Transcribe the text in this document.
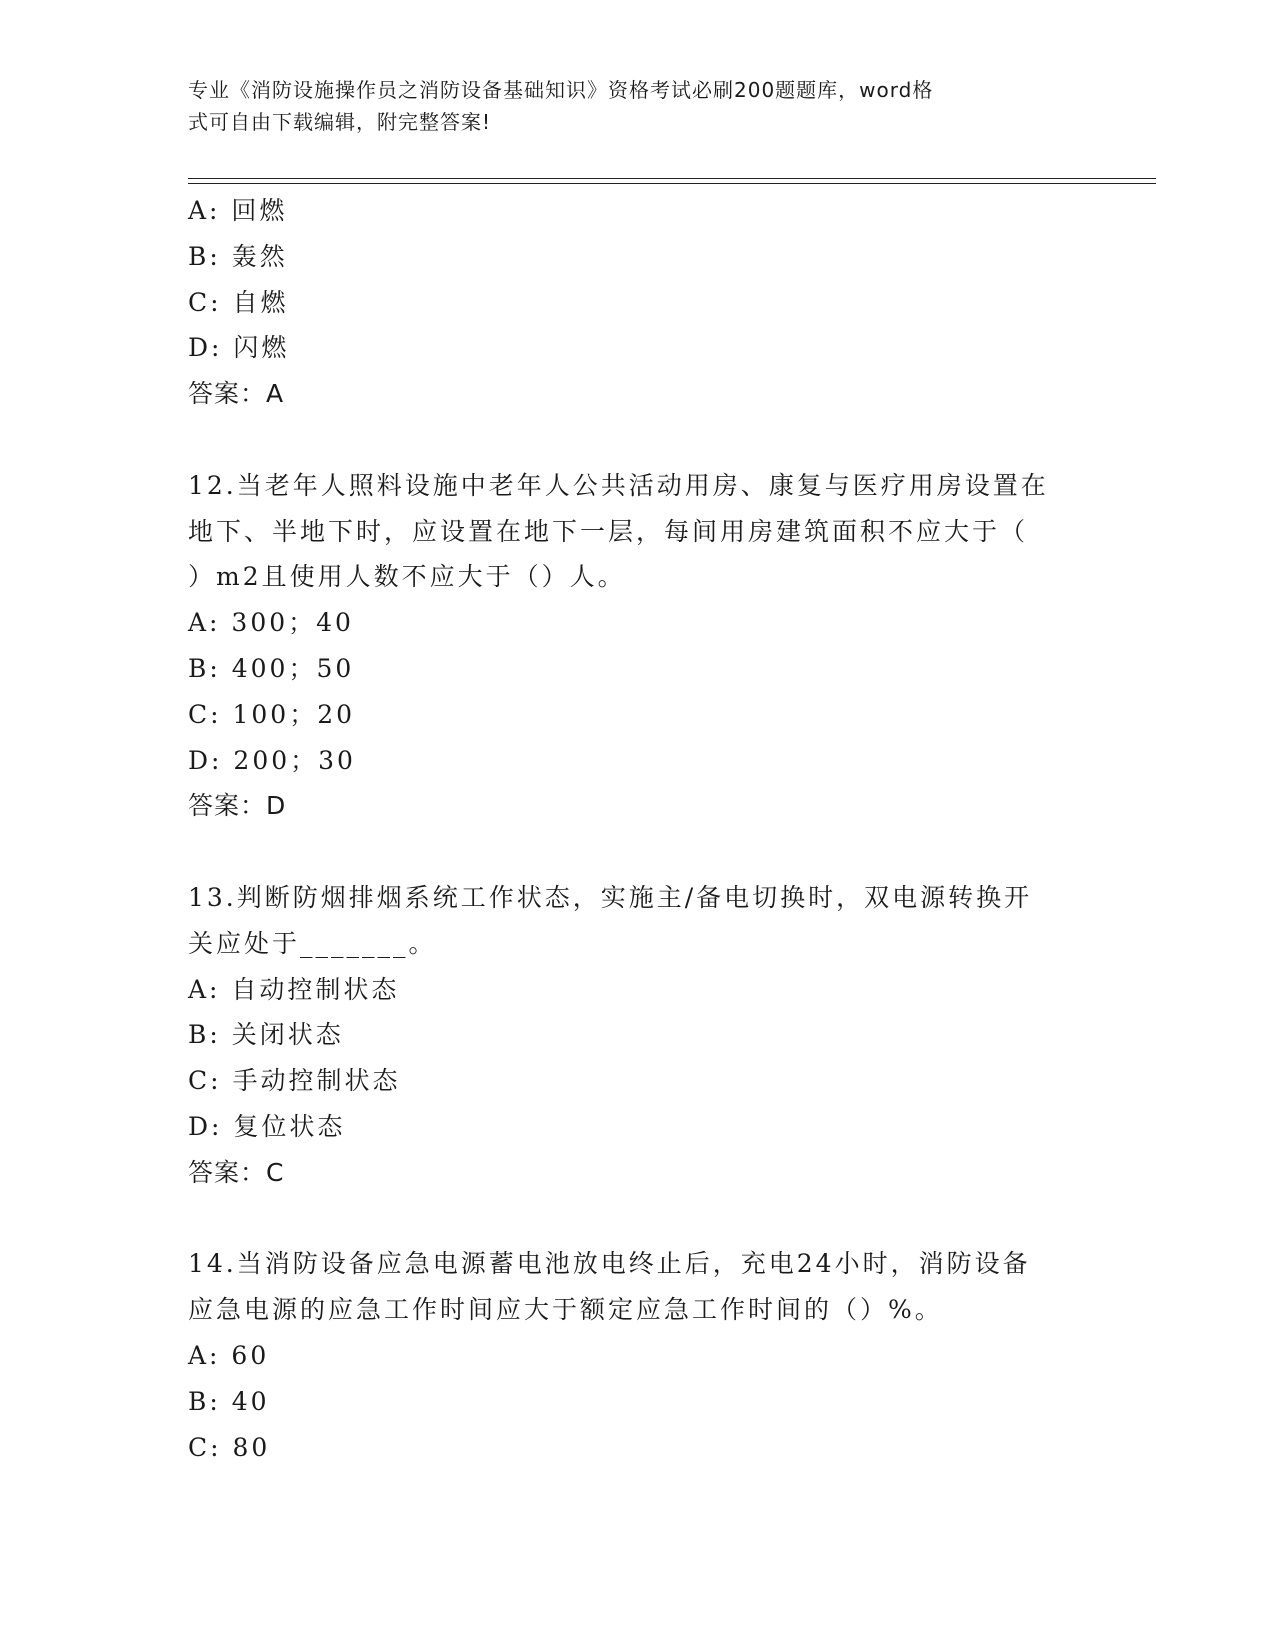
专业《消防设施操作员之消防设备基础知识》资格考试必刷200题题库，word格
式可自由下载编辑，附完整答案!
A: 回燃
B: 轰然
C: 自燃
D: 闪燃
答案：A
12.当老年人照料设施中老年人公共活动用房、康复与医疗用房设置在
地下、半地下时，应设置在地下一层，每间用房建筑面积不应大于（
）m2且使用人数不应大于（）人。
A: 300；40
B: 400；50
C: 100；20
D: 200；30
答案：D
13.判断防烟排烟系统工作状态，实施主/备电切换时，双电源转换开
关应处于_______。
A: 自动控制状态
B: 关闭状态
C: 手动控制状态
D: 复位状态
答案：C
14.当消防设备应急电源蓄电池放电终止后，充电24小时，消防设备
应急电源的应急工作时间应大于额定应急工作时间的（）%。
A: 60
B: 40
C: 80
